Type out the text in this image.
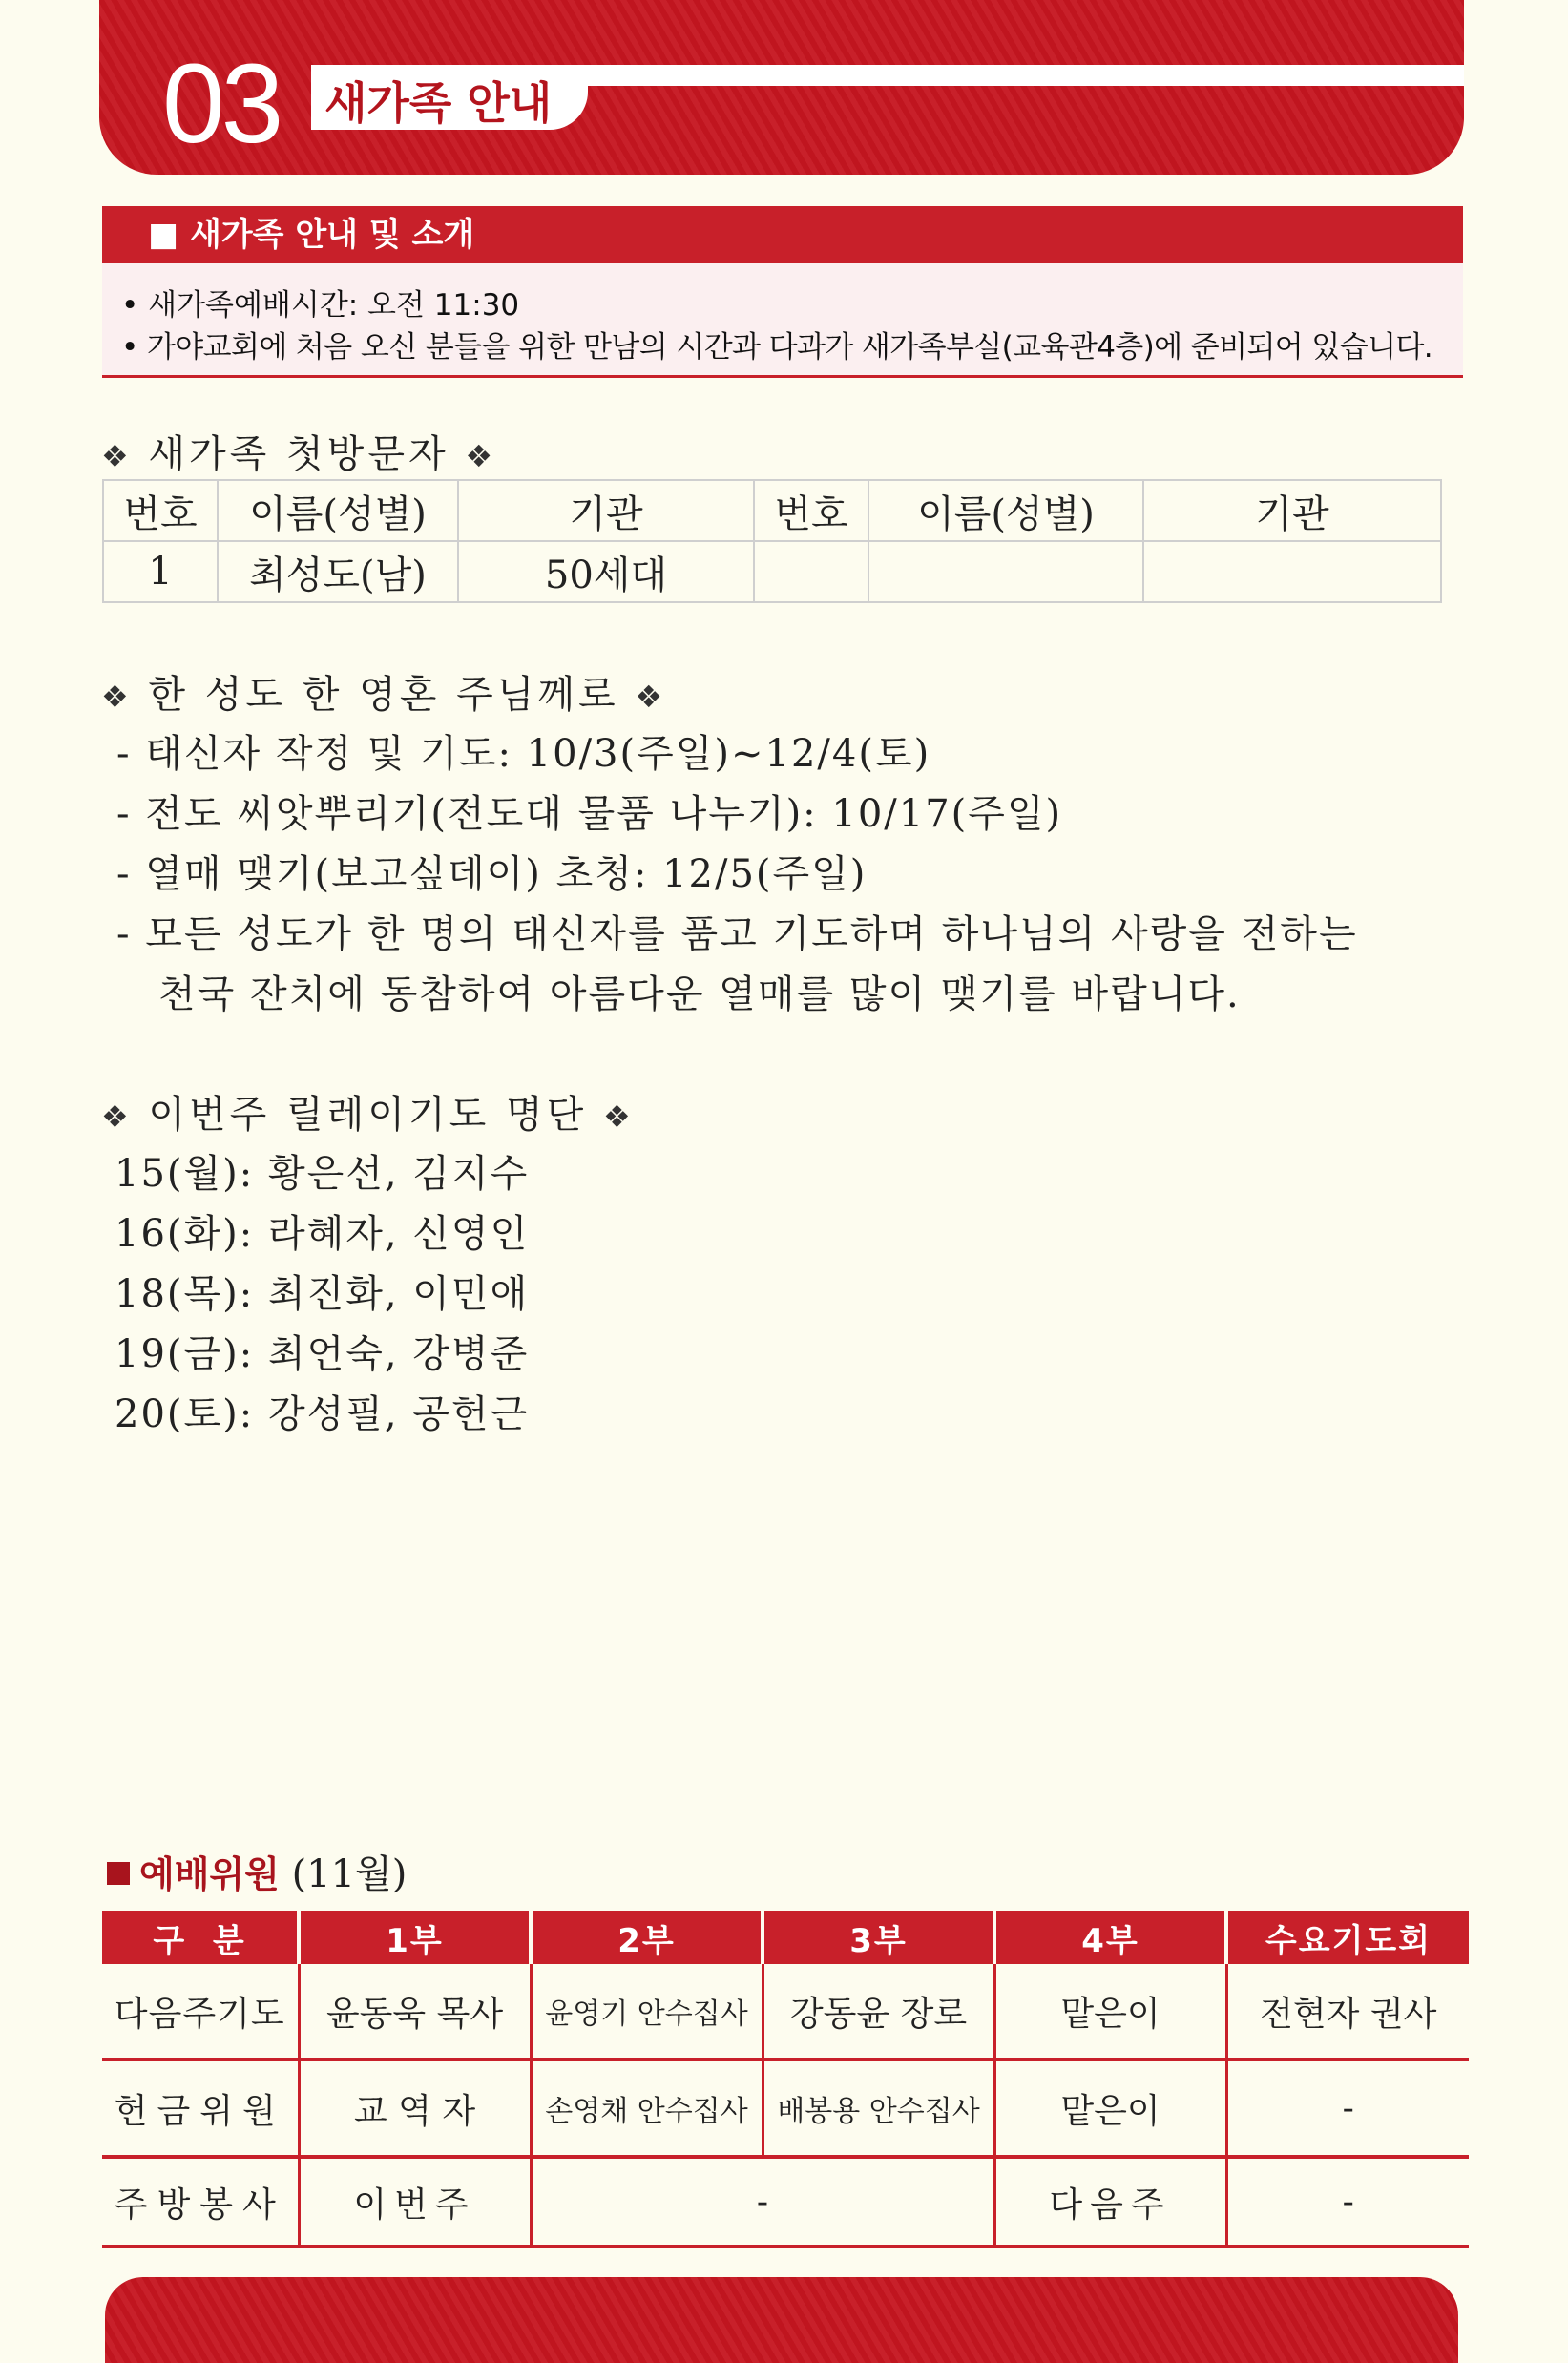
03 새가족 안내
■ 새가족 안내 및 소개
• 새가족예배시간: 오전 11:30
• 가야교회에 처음 오신 분들을 위한 만남의 시간과 다과가 새가족부실(교육관4층)에 준비되어 있습니다.
❖ 새가족 첫방문자 ❖
번호	이름(성별)	기관	번호	이름(성별)	기관
1	최성도(남)	50세대			
❖ 한 성도 한 영혼 주님께로 ❖
- 태신자 작정 및 기도: 10/3(주일)~12/4(토)
- 전도 씨앗뿌리기(전도대 물품 나누기): 10/17(주일)
- 열매 맺기(보고싶데이) 초청: 12/5(주일)
- 모든 성도가 한 명의 태신자를 품고 기도하며 하나님의 사랑을 전하는
천국 잔치에 동참하여 아름다운 열매를 많이 맺기를 바랍니다.
❖ 이번주 릴레이기도 명단 ❖
15(월): 황은선, 김지수
16(화): 라혜자, 신영인
18(목): 최진화, 이민애
19(금): 최언숙, 강병준
20(토): 강성필, 공헌근
예배위원 (11월)
구  분	1부	2부	3부	4부	수요기도회
다음주기도	윤동욱 목사	윤영기 안수집사	강동윤 장로	맡은이	전현자 권사
헌금위원	교 역 자	손영채 안수집사	배봉용 안수집사	맡은이	-
주방봉사	이번주	-		다음주	-
